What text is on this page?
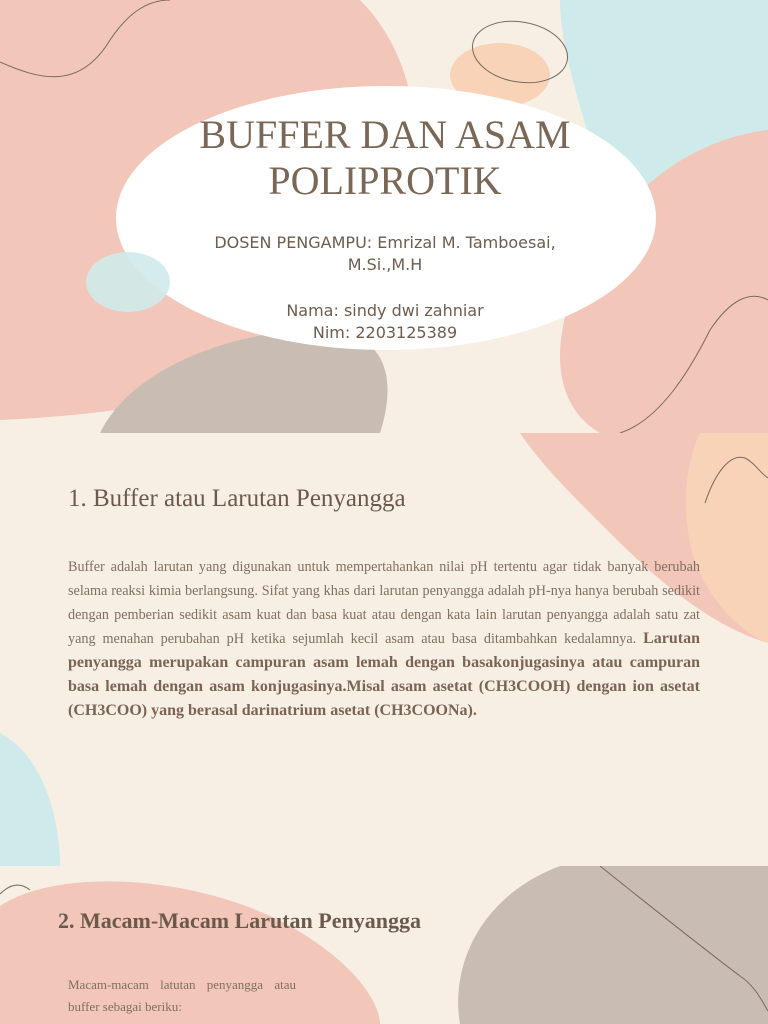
BUFFER DAN ASAM
POLIPROTIK
DOSEN PENGAMPU: Emrizal M. Tamboesai,
M.Si.,M.H
Nama: sindy dwi zahniar
Nim: 2203125389
1. Buffer atau Larutan Penyangga
Buffer adalah larutan yang digunakan untuk mempertahankan nilai pH tertentu agar tidak banyak berubah selama reaksi kimia berlangsung. Sifat yang khas dari larutan penyangga adalah pH-nya hanya berubah sedikit dengan pemberian sedikit asam kuat dan basa kuat atau dengan kata lain larutan penyangga adalah satu zat yang menahan perubahan pH ketika sejumlah kecil asam atau basa ditambahkan kedalamnya. Larutan penyangga merupakan campuran asam lemah dengan basakonjugasinya atau campuran basa lemah dengan asam konjugasinya.Misal asam asetat (CH3COOH) dengan ion asetat (CH3COO) yang berasal darinatrium asetat (CH3COONa).
2. Macam-Macam Larutan Penyangga
Macam-macam latutan penyangga atau buffer sebagai beriku:
